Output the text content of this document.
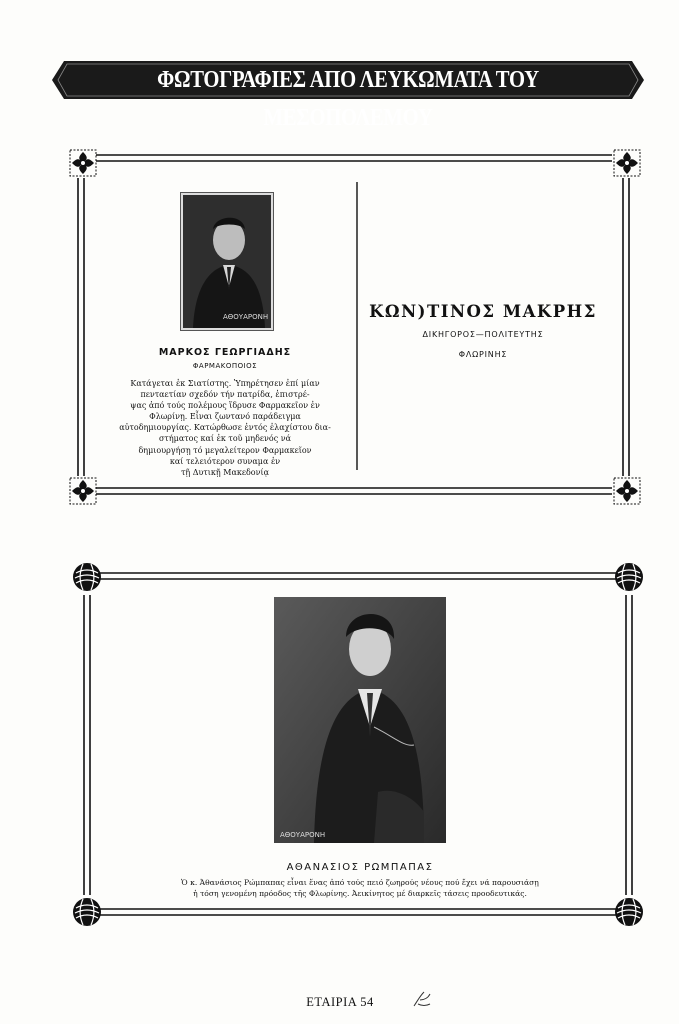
ΦΩΤΟΓΡΑΦΙΕΣ ΑΠΟ ΛΕΥΚΩΜΑΤΑ ΤΟΥ ΜΕΣΟΠΟΛΕΜΟΥ
ΑΘΟΥΑΡΟΝΗ
ΜΑΡΚΟΣ ΓΕΩΡΓΙΑΔΗΣ
ΦΑΡΜΑΚΟΠΟΙΟΣ
Κατάγεται ἐκ Σιατίστης. Ὑπηρέτησεν ἐπί μίαν
πενταετίαν σχεδόν τήν πατρίδα, ἐπιστρέ-
ψας ἀπό τούς πολέμους ἵδρυσε Φαρμακεῖον ἐν
Φλωρίνῃ. Εἶναι ζωντανό παράδειγμα
αὐτοδημιουργίας. Κατώρθωσε ἐντός ἐλαχίστου δια-
στήματος καί ἐκ τοῦ μηδενός νά
δημιουργήσῃ τό μεγαλείτερον Φαρμακεῖον
καί τελειότερον συναμα ἐν
τῇ Δυτικῇ Μακεδονίᾳ
ΚΩΝ)ΤΙΝΟΣ ΜΑΚΡΗΣ
ΔΙΚΗΓΟΡΟΣ—ΠΟΛΙΤΕΥΤΗΣ
ΦΛΩΡΙΝΗΣ
ΑΘΟΥΑΡΟΝΗ
ΑΘΑΝΑΣΙΟΣ ΡΩΜΠΑΠΑΣ
Ὁ κ. Ἀθανάσιος Ρώμπαπας εἶναι ἕνας ἀπό τούς πειό ζωηρούς νέους πού ἔχει νά παρουσιάσῃ
ἡ τόση γενομένη πρόοδος τῆς Φλωρίνης. Ἀεικίνητος μέ διαρκεῖς τάσεις προοδευτικάς.
ΕΤΑΙΡΙΑ 54
